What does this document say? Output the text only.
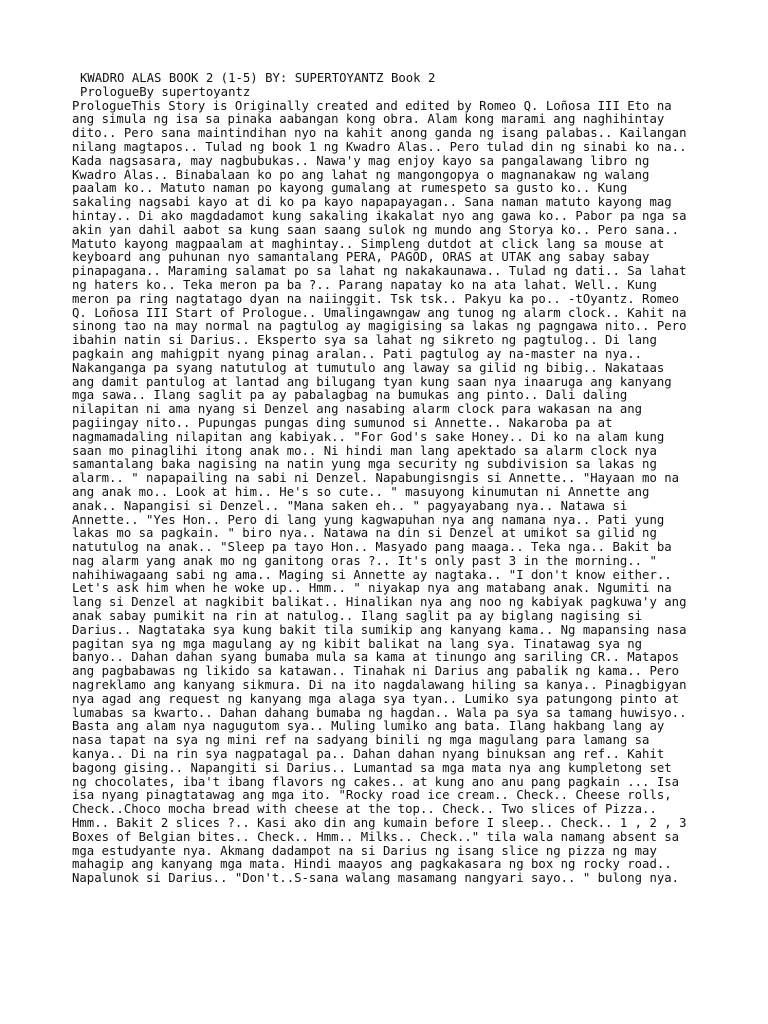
KWADRO ALAS BOOK 2 (1-5) BY: SUPERTOYANTZ Book 2
PrologueBy supertoyantz
PrologueThis Story is Originally created and edited by Romeo Q. Loñosa III Eto na
ang simula ng isa sa pinaka aabangan kong obra. Alam kong marami ang naghihintay
dito.. Pero sana maintindihan nyo na kahit anong ganda ng isang palabas.. Kailangan
nilang magtapos.. Tulad ng book 1 ng Kwadro Alas.. Pero tulad din ng sinabi ko na..
Kada nagsasara, may nagbubukas.. Nawa'y mag enjoy kayo sa pangalawang libro ng
Kwadro Alas.. Binabalaan ko po ang lahat ng mangongopya o magnanakaw ng walang
paalam ko.. Matuto naman po kayong gumalang at rumespeto sa gusto ko.. Kung
sakaling nagsabi kayo at di ko pa kayo napapayagan.. Sana naman matuto kayong mag
hintay.. Di ako magdadamot kung sakaling ikakalat nyo ang gawa ko.. Pabor pa nga sa
akin yan dahil aabot sa kung saan saang sulok ng mundo ang Storya ko.. Pero sana..
Matuto kayong magpaalam at maghintay.. Simpleng dutdot at click lang sa mouse at
keyboard ang puhunan nyo samantalang PERA, PAGOD, ORAS at UTAK ang sabay sabay
pinapagana.. Maraming salamat po sa lahat ng nakakaunawa.. Tulad ng dati.. Sa lahat
ng haters ko.. Teka meron pa ba ?.. Parang napatay ko na ata lahat. Well.. Kung
meron pa ring nagtatago dyan na naiinggit. Tsk tsk.. Pakyu ka po.. -tOyantz. Romeo
Q. Loñosa III Start of Prologue.. Umalingawngaw ang tunog ng alarm clock.. Kahit na
sinong tao na may normal na pagtulog ay magigising sa lakas ng pagngawa nito.. Pero
ibahin natin si Darius.. Eksperto sya sa lahat ng sikreto ng pagtulog.. Di lang
pagkain ang mahigpit nyang pinag aralan.. Pati pagtulog ay na-master na nya..
Nakanganga pa syang natutulog at tumutulo ang laway sa gilid ng bibig.. Nakataas
ang damit pantulog at lantad ang bilugang tyan kung saan nya inaaruga ang kanyang
mga sawa.. Ilang saglit pa ay pabalagbag na bumukas ang pinto.. Dali daling
nilapitan ni ama nyang si Denzel ang nasabing alarm clock para wakasan na ang
pagiingay nito.. Pupungas pungas ding sumunod si Annette.. Nakaroba pa at
nagmamadaling nilapitan ang kabiyak.. "For God's sake Honey.. Di ko na alam kung
saan mo pinaglihi itong anak mo.. Ni hindi man lang apektado sa alarm clock nya
samantalang baka nagising na natin yung mga security ng subdivision sa lakas ng
alarm.. " napapailing na sabi ni Denzel. Napabungisngis si Annette.. "Hayaan mo na
ang anak mo.. Look at him.. He's so cute.. " masuyong kinumutan ni Annette ang
anak.. Napangisi si Denzel.. "Mana saken eh.. " pagyayabang nya.. Natawa si
Annette.. "Yes Hon.. Pero di lang yung kagwapuhan nya ang namana nya.. Pati yung
lakas mo sa pagkain. " biro nya.. Natawa na din si Denzel at umikot sa gilid ng
natutulog na anak.. "Sleep pa tayo Hon.. Masyado pang maaga.. Teka nga.. Bakit ba
nag alarm yang anak mo ng ganitong oras ?.. It's only past 3 in the morning.. "
nahihiwagaang sabi ng ama.. Maging si Annette ay nagtaka.. "I don't know either..
Let's ask him when he woke up.. Hmm.. " niyakap nya ang matabang anak. Ngumiti na
lang si Denzel at nagkibit balikat.. Hinalikan nya ang noo ng kabiyak pagkuwa'y ang
anak sabay pumikit na rin at natulog.. Ilang saglit pa ay biglang nagising si
Darius.. Nagtataka sya kung bakit tila sumikip ang kanyang kama.. Ng mapansing nasa
pagitan sya ng mga magulang ay ng kibit balikat na lang sya. Tinatawag sya ng
banyo.. Dahan dahan syang bumaba mula sa kama at tinungo ang sariling CR.. Matapos
ang pagbabawas ng likido sa katawan.. Tinahak ni Darius ang pabalik ng kama.. Pero
nagreklamo ang kanyang sikmura. Di na ito nagdalawang hiling sa kanya.. Pinagbigyan
nya agad ang request ng kanyang mga alaga sya tyan.. Lumiko sya patungong pinto at
lumabas sa kwarto.. Dahan dahang bumaba ng hagdan.. Wala pa sya sa tamang huwisyo..
Basta ang alam nya nagugutom sya.. Muling lumiko ang bata. Ilang hakbang lang ay
nasa tapat na sya ng mini ref na sadyang binili ng mga magulang para lamang sa
kanya.. Di na rin sya nagpatagal pa.. Dahan dahan nyang binuksan ang ref.. Kahit
bagong gising.. Napangiti si Darius.. Lumantad sa mga mata nya ang kumpletong set
ng chocolates, iba't ibang flavors ng cakes.. at kung ano anu pang pagkain ... Isa
isa nyang pinagtatawag ang mga ito. "Rocky road ice cream.. Check.. Cheese rolls,
Check..Choco mocha bread with cheese at the top.. Check.. Two slices of Pizza..
Hmm.. Bakit 2 slices ?.. Kasi ako din ang kumain before I sleep.. Check.. 1 , 2 , 3
Boxes of Belgian bites.. Check.. Hmm.. Milks.. Check.." tila wala namang absent sa
mga estudyante nya. Akmang dadampot na si Darius ng isang slice ng pizza ng may
mahagip ang kanyang mga mata. Hindi maayos ang pagkakasara ng box ng rocky road..
Napalunok si Darius.. "Don't..S-sana walang masamang nangyari sayo.. " bulong nya.
